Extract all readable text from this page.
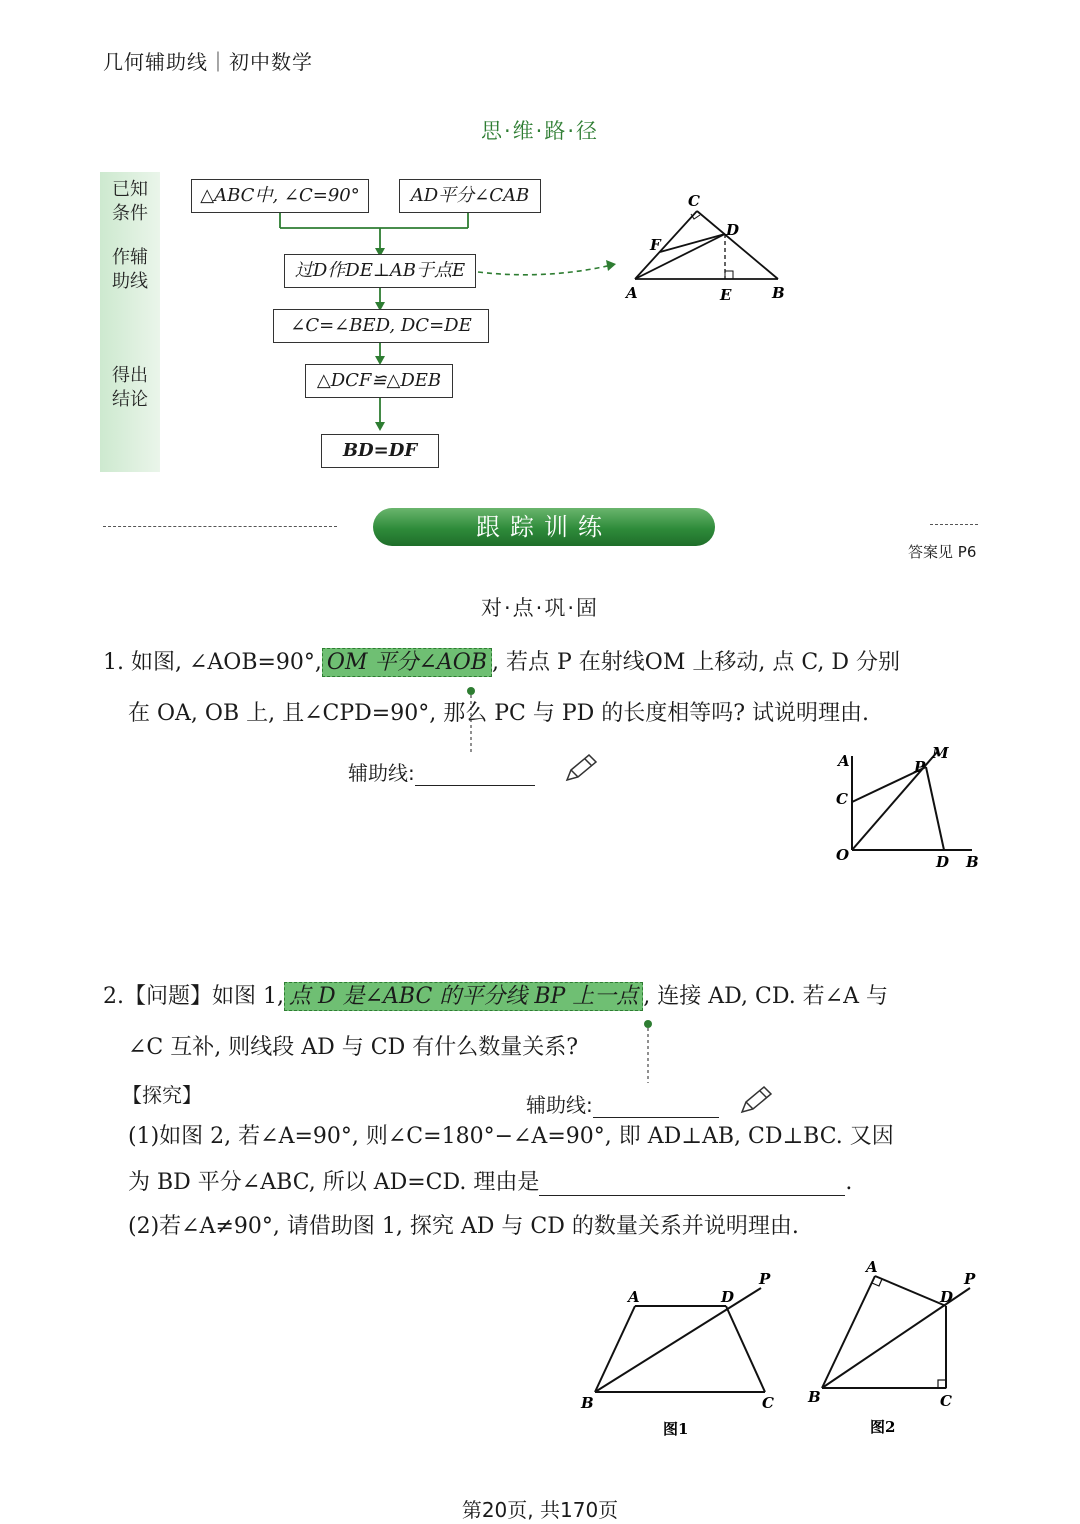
几何辅助线｜初中数学
思·维·路·径
已知
条件
作辅
助线
得出
结论
△ABC中, ∠C=90°	AD平分∠CAB
过D作DE⊥AB于点E
∠C=∠BED, DC=DE
△DCF≌△DEB
BD=DF
C
D
F
A	E	B
跟踪训练
答案见 P6
对·点·巩·固
1. 如图, ∠AOB=90°, OM 平分∠AOB , 若点 P 在射线OM 上移动, 点 C, D 分别
在 OA, OB 上, 且∠CPD=90°, 那么 PC 与 PD 的长度相等吗? 试说明理由.
辅助线:	A	M
P
C
O	D B
2.【问题】如图 1, 点 D 是∠ABC 的平分线 BP 上一点 , 连接 AD, CD. 若∠A 与
∠C 互补, 则线段 AD 与 CD 有什么数量关系?
【探究】	辅助线:
(1)如图 2, 若∠A=90°, 则∠C=180°−∠A=90°, 即 AD⊥AB, CD⊥BC. 又因
为 BD 平分∠ABC, 所以 AD=CD. 理由是	.
(2)若∠A≠90°, 请借助图 1, 探究 AD 与 CD 的数量关系并说明理由.
A	D
P
B	C
图1
A
D
P
B	C
图2
第20页, 共170页
